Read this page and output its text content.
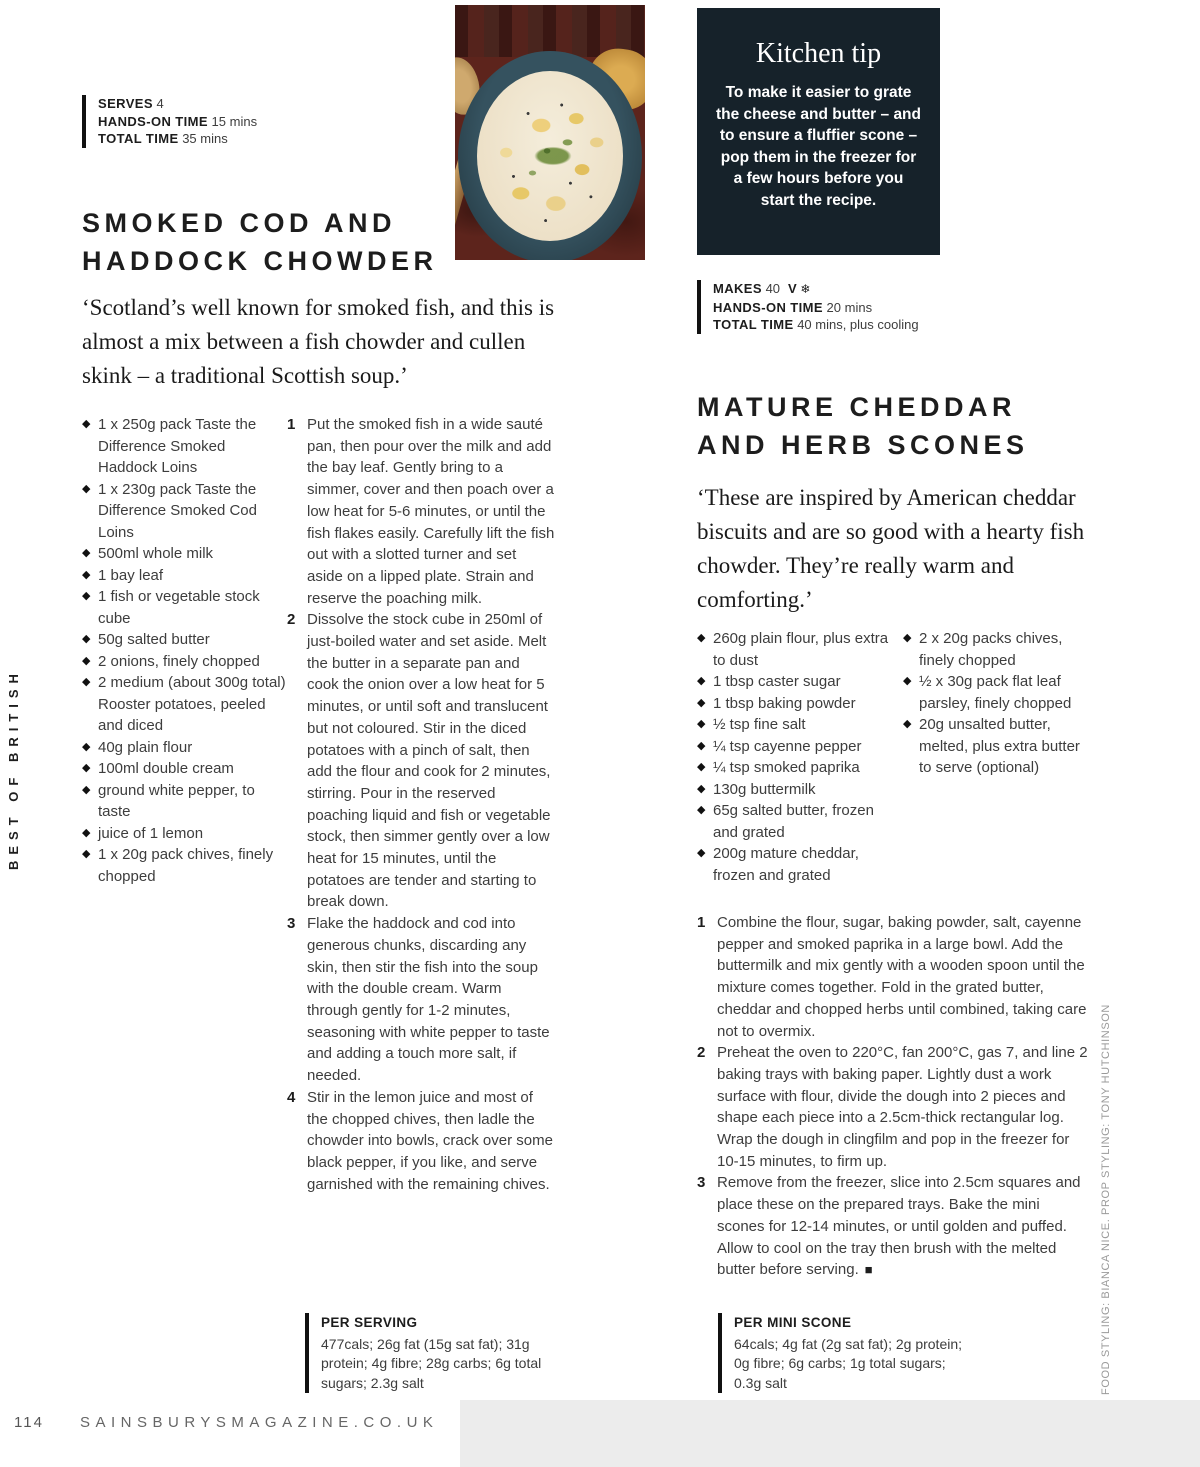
BEST OF BRITISH
FOOD STYLING: BIANCA NICE. PROP STYLING: TONY HUTCHINSON
Kitchen tip

To make it easier to grate the cheese and butter – and to ensure a fluffier scone – pop them in the freezer for a few hours before you start the recipe.

SERVES 4
HANDS-ON TIME 15 mins
TOTAL TIME 35 mins
SMOKED COD AND
HADDOCK CHOWDER

‘Scotland’s well known for smoked fish, and this is almost a mix between a fish chowder and cullen skink – a traditional Scottish soup.’

◆ 1 x 250g pack Taste the Difference Smoked Haddock Loins
◆ 1 x 230g pack Taste the Difference Smoked Cod Loins
◆ 500ml whole milk
◆ 1 bay leaf
◆ 1 fish or vegetable stock cube
◆ 50g salted butter
◆ 2 onions, finely chopped
◆ 2 medium (about 300g total) Rooster potatoes, peeled and diced
◆ 40g plain flour
◆ 100ml double cream
◆ ground white pepper, to taste
◆ juice of 1 lemon
◆ 1 x 20g pack chives, finely chopped
1 Put the smoked fish in a wide sauté pan, then pour over the milk and add the bay leaf. Gently bring to a simmer, cover and then poach over a low heat for 5-6 minutes, or until the fish flakes easily. Carefully lift the fish out with a slotted turner and set aside on a lipped plate. Strain and reserve the poaching milk.

2 Dissolve the stock cube in 250ml of just-boiled water and set aside. Melt the butter in a separate pan and cook the onion over a low heat for 5 minutes, or until soft and translucent but not coloured. Stir in the diced potatoes with a pinch of salt, then add the flour and cook for 2 minutes, stirring. Pour in the reserved poaching liquid and fish or vegetable stock, then simmer gently over a low heat for 15 minutes, until the potatoes are tender and starting to break down.

3 Flake the haddock and cod into generous chunks, discarding any skin, then stir the fish into the soup with the double cream. Warm through gently for 1-2 minutes, seasoning with white pepper to taste and adding a touch more salt, if needed.

4 Stir in the lemon juice and most of the chopped chives, then ladle the chowder into bowls, crack over some black pepper, if you like, and serve garnished with the remaining chives.

MAKES 40 V ❄
HANDS-ON TIME 20 mins
TOTAL TIME 40 mins, plus cooling
MATURE CHEDDAR
AND HERB SCONES

‘These are inspired by American cheddar biscuits and are so good with a hearty fish chowder. They’re really warm and comforting.’

◆ 260g plain flour, plus extra to dust
◆ 1 tbsp caster sugar
◆ 1 tbsp baking powder
◆ ½ tsp fine salt
◆ ¼ tsp cayenne pepper
◆ ¼ tsp smoked paprika
◆ 130g buttermilk
◆ 65g salted butter, frozen and grated
◆ 200g mature cheddar, frozen and grated
◆ 2 x 20g packs chives, finely chopped
◆ ½ x 30g pack flat leaf parsley, finely chopped
◆ 20g unsalted butter, melted, plus extra butter to serve (optional)
1 Combine the flour, sugar, baking powder, salt, cayenne pepper and smoked paprika in a large bowl. Add the buttermilk and mix gently with a wooden spoon until the mixture comes together. Fold in the grated butter, cheddar and chopped herbs until combined, taking care not to overmix.

2 Preheat the oven to 220°C, fan 200°C, gas 7, and line 2 baking trays with baking paper. Lightly dust a work surface with flour, divide the dough into 2 pieces and shape each piece into a 2.5cm-thick rectangular log. Wrap the dough in clingfilm and pop in the freezer for 10-15 minutes, to firm up.

3 Remove from the freezer, slice into 2.5cm squares and place these on the prepared trays. Bake the mini scones for 12-14 minutes, or until golden and puffed. Allow to cool on the tray then brush with the melted butter before serving. ■

PER SERVING
477cals; 26g fat (15g sat fat); 31g protein; 4g fibre; 28g carbs; 6g total sugars; 2.3g salt
PER MINI SCONE
64cals; 4g fat (2g sat fat); 2g protein; 0g fibre; 6g carbs; 1g total sugars; 0.3g salt
114 SAINSBURYSMAGAZINE.CO.UK
